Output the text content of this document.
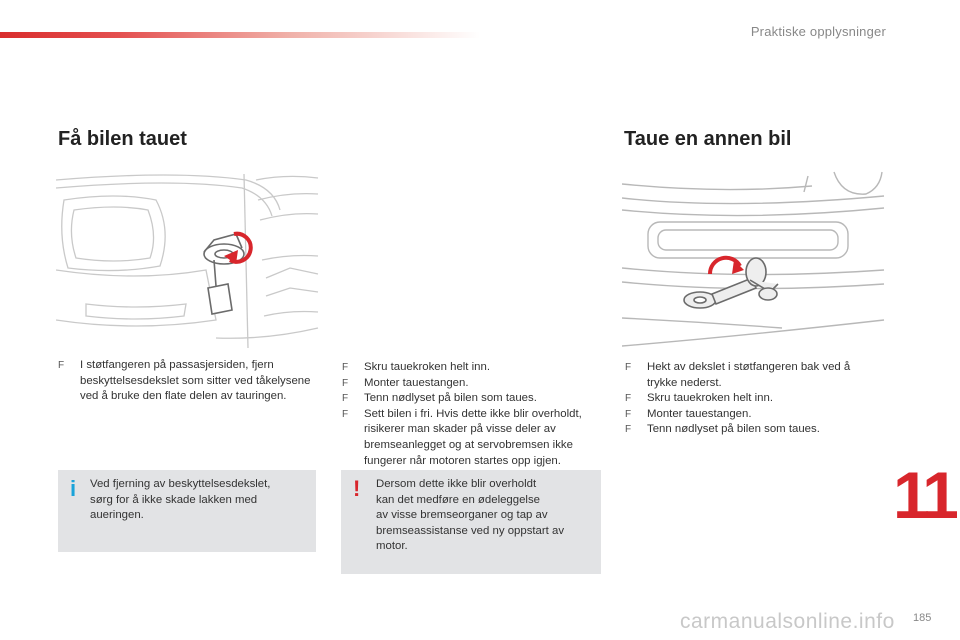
Praktiske opplysninger
Få bilen tauet
F I støtfangeren på passasjersiden, fjern beskyttelsesdekslet som sitter ved tåkelysene ved å bruke den flate delen av tauringen.
i Ved fjerning av beskyttelsesdekslet,
sørg for å ikke skade lakken med
aueringen.
F Skru tauekroken helt inn.
F Monter tauestangen.
F Tenn nødlyset på bilen som taues.
F Sett bilen i fri. Hvis dette ikke blir overholdt, risikerer man skader på visse deler av bremseanlegget og at servobremsen ikke fungerer når motoren startes opp igjen.
! Dersom dette ikke blir overholdt
kan det medføre en ødeleggelse
av visse bremseorganer og tap av
bremseassistanse ved ny oppstart av
motor.
Taue en annen bil
F Hekt av dekslet i støtfangeren bak ved å trykke nederst.
F Skru tauekroken helt inn.
F Monter tauestangen.
F Tenn nødlyset på bilen som taues.
11
carmanualsonline.info 185
